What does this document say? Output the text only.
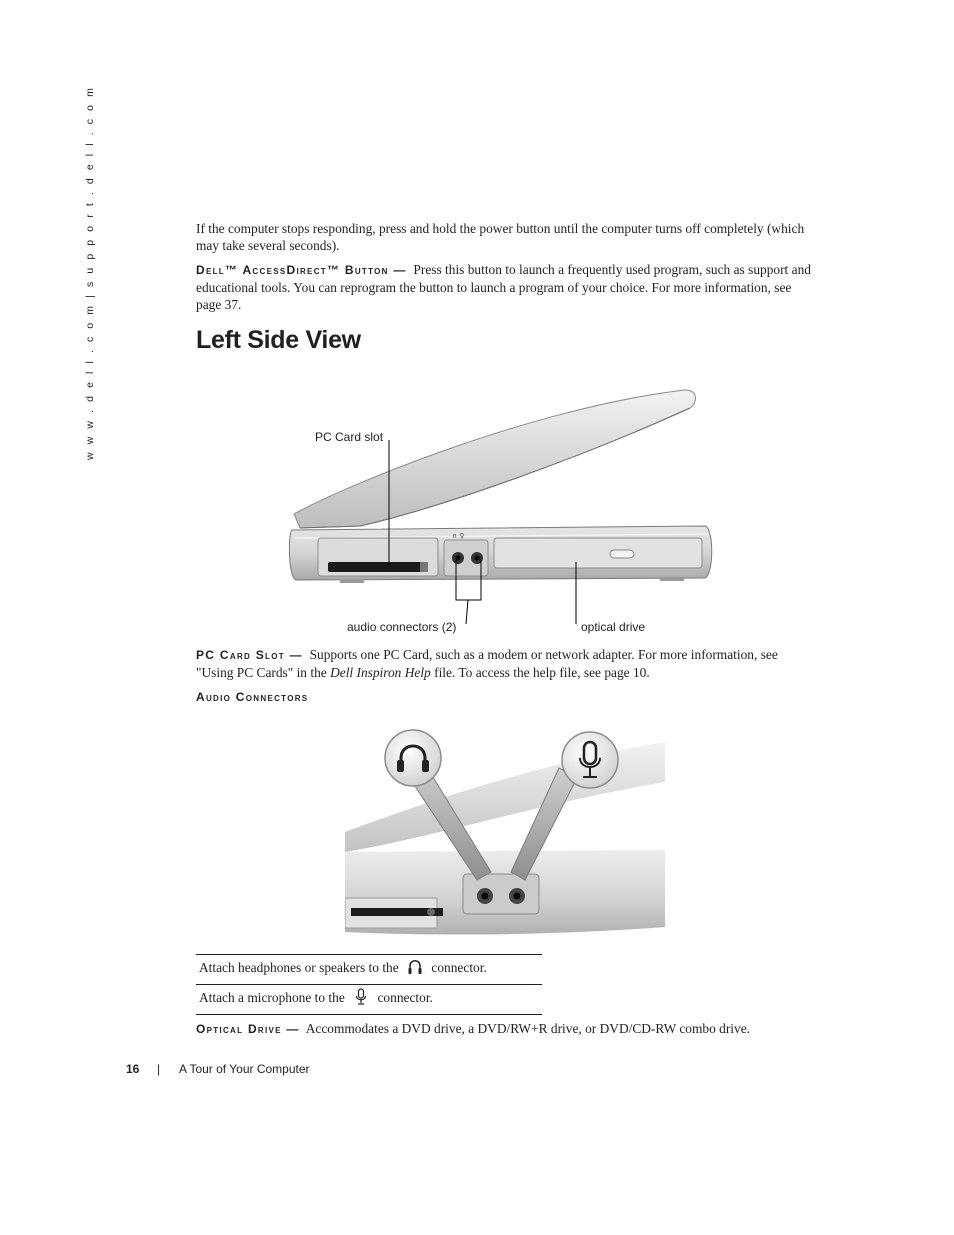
w w w . d e l l . c o m | s u p p o r t . d e l l . c o m	If the computer stops responding, press and hold the power button until the computer turns off completely (which may take several seconds).
Dell™ AccessDirect™ Button — Press this button to launch a frequently used program, such as support and educational tools. You can reprogram the button to launch a program of your choice. For more information, see page 37.
Left Side View
∩ ♀
PC Card slot
audio connectors (2)	optical drive
PC Card Slot — Supports one PC Card, such as a modem or network adapter. For more information, see "Using PC Cards" in the Dell Inspiron Help file. To access the help file, see page 10.
Audio Connectors
Attach headphones or speakers to the connector.
Attach a microphone to the connector.
Optical Drive — Accommodates a DVD drive, a DVD/RW+R drive, or DVD/CD-RW combo drive.
16 | A Tour of Your Computer
